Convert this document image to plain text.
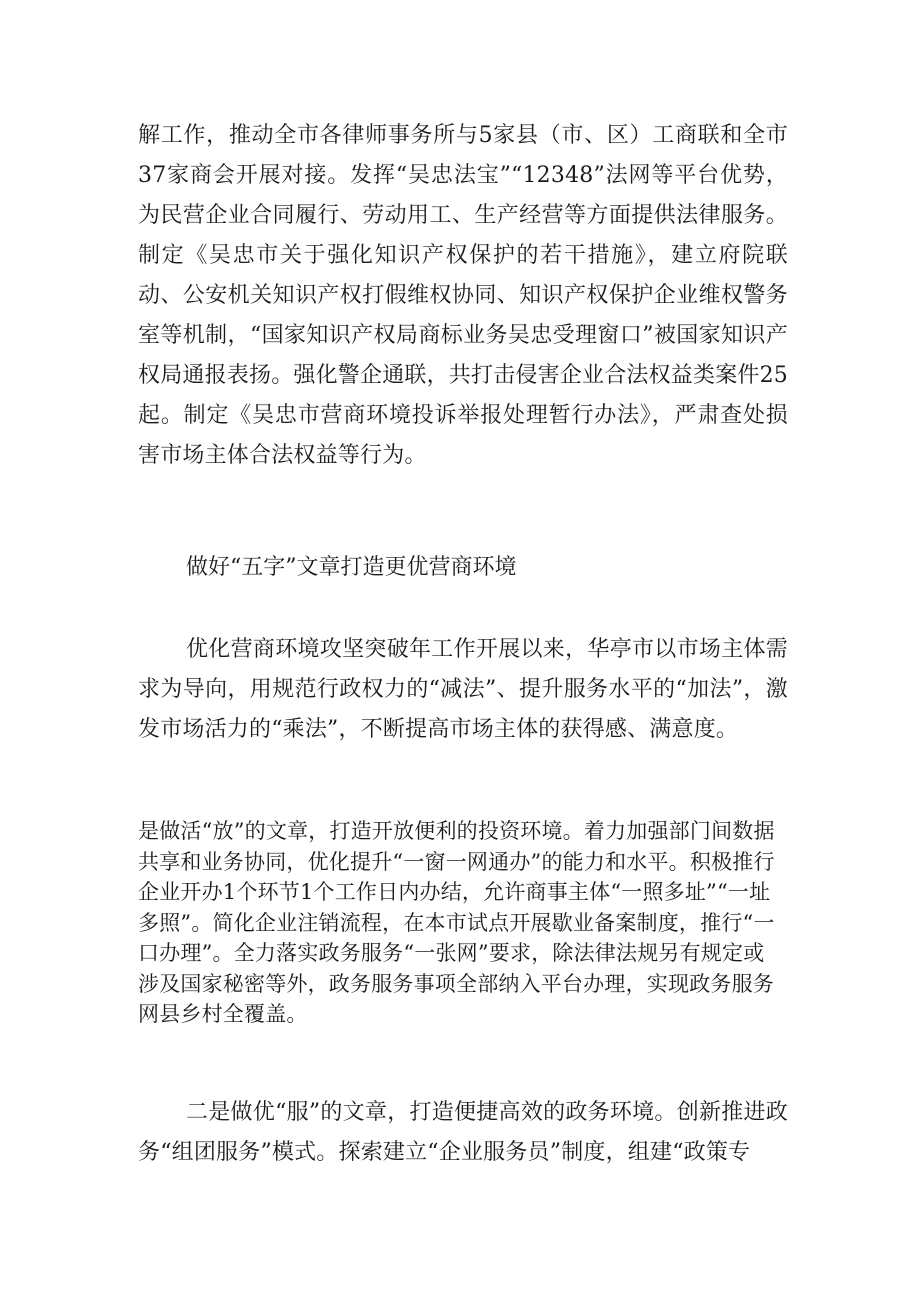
解工作，推动全市各律师事务所与5家县（市、区）工商联和全市37家商会开展对接。发挥“吴忠法宝”“12348”法网等平台优势，为民营企业合同履行、劳动用工、生产经营等方面提供法律服务。制定《吴忠市关于强化知识产权保护的若干措施》，建立府院联动、公安机关知识产权打假维权协同、知识产权保护企业维权警务室等机制，“国家知识产权局商标业务吴忠受理窗口”被国家知识产权局通报表扬。强化警企通联，共打击侵害企业合法权益类案件25起。制定《吴忠市营商环境投诉举报处理暂行办法》，严肃查处损害市场主体合法权益等行为。

做好“五字”文章打造更优营商环境

优化营商环境攻坚突破年工作开展以来，华亭市以市场主体需求为导向，用规范行政权力的“减法”、提升服务水平的“加法”，激发市场活力的“乘法”，不断提高市场主体的获得感、满意度。

是做活“放”的文章，打造开放便利的投资环境。着力加强部门间数据共享和业务协同，优化提升“一窗一网通办”的能力和水平。积极推行企业开办1个环节1个工作日内办结，允许商事主体“一照多址”“一址多照”。简化企业注销流程，在本市试点开展歇业备案制度，推行“一口办理”。全力落实政务服务“一张网”要求，除法律法规另有规定或涉及国家秘密等外，政务服务事项全部纳入平台办理，实现政务服务网县乡村全覆盖。

二是做优“服”的文章，打造便捷高效的政务环境。创新推进政务“组团服务”模式。探索建立“企业服务员”制度，组建“政策专
